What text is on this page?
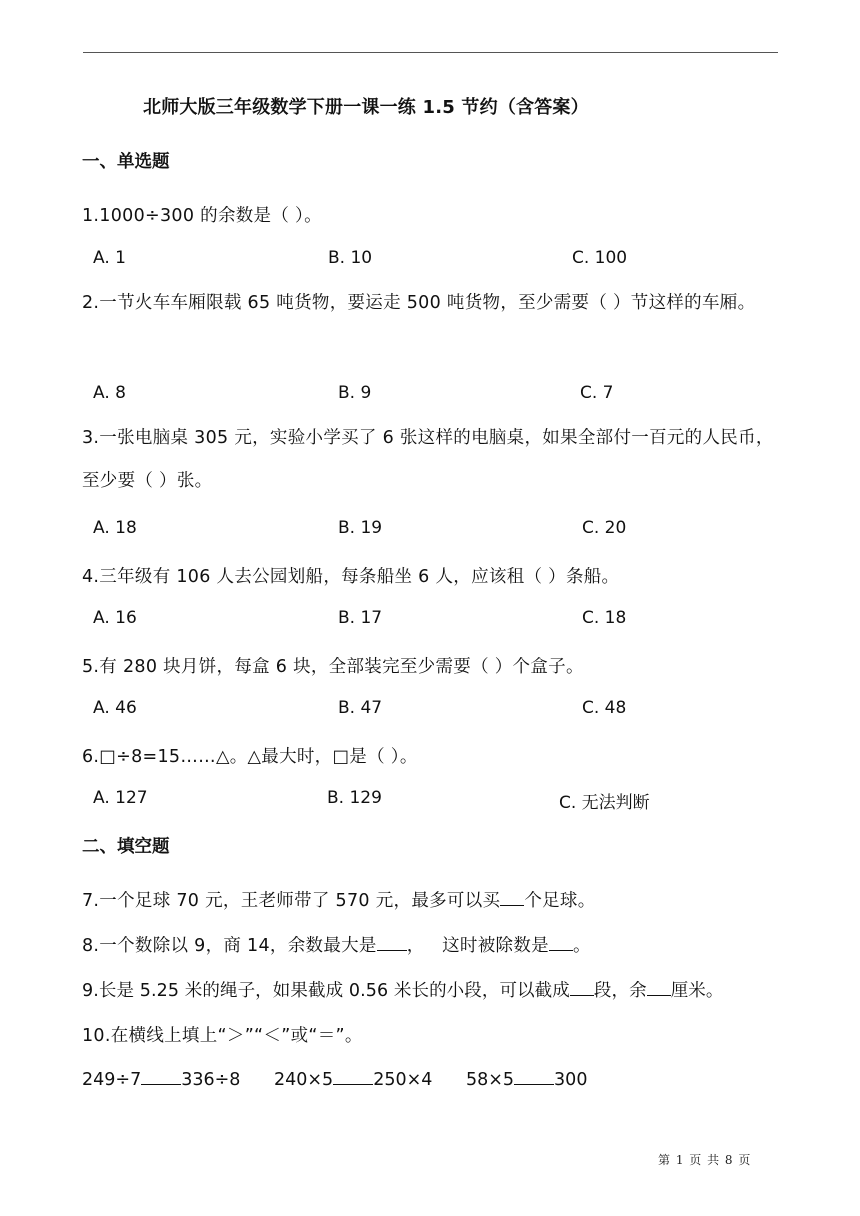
北师大版三年级数学下册一课一练 1.5 节约（含答案）
一、单选题
1.1000÷300 的余数是（ ）。
A. 1	B. 10	C. 100
2.一节火车车厢限载 65 吨货物，要运走 500 吨货物，至少需要（ ）节这样的车厢。
A. 8	B. 9	C. 7
3.一张电脑桌 305 元，实验小学买了 6 张这样的电脑桌，如果全部付一百元的人民币，至少要（ ）张。
A. 18	B. 19	C. 20
4.三年级有 106 人去公园划船，每条船坐 6 人，应该租（ ）条船。
A. 16	B. 17	C. 18
5.有 280 块月饼，每盒 6 块，全部装完至少需要（ ）个盒子。
A. 46	B. 47	C. 48
6.□÷8=15……△。△最大时，□是（ ）。
A. 127	B. 129	C. 无法判断
二、填空题
7.一个足球 70 元，王老师带了 570 元，最多可以买 个足球。
8.一个数除以 9，商 14，余数最大是 ，   这时被除数是 。
9.长是 5.25 米的绳子，如果截成 0.56 米长的小段，可以截成 段，余 厘米。
10.在横线上填上“＞”“＜”或“＝”。
249÷7 336÷8 240×5 250×4 58×5 300
第 1 页 共 8 页
